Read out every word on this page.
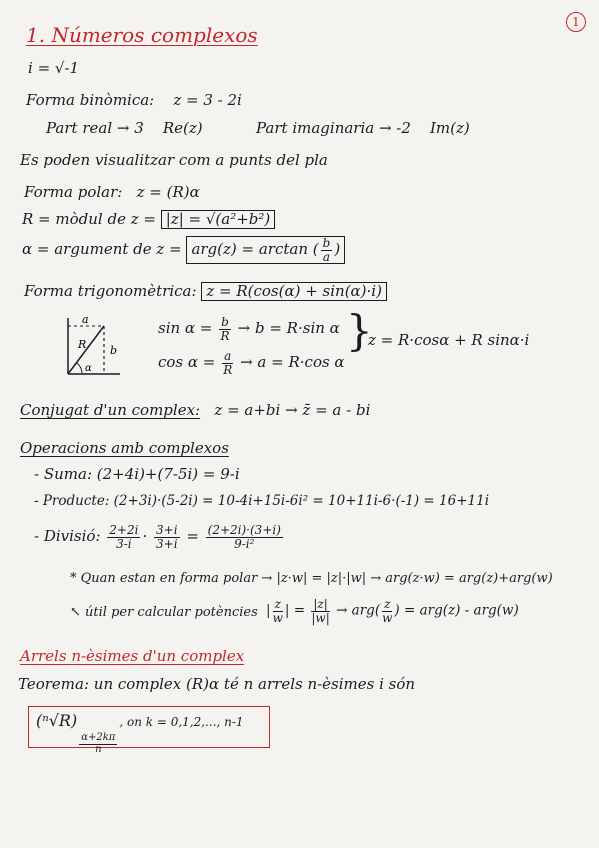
1
1. Números complexos
i = √-1
Forma binòmica: z = 3 - 2i
Part real → 3 Re(z)	Part imaginaria → -2 Im(z)
Es poden visualitzar com a punts del pla
Forma polar: z = (R)α
R = mòdul de z = |z| = √(a²+b²)
α = argument de z = arg(z) = arctan ( $\frac{b}{a}$ )
Forma trigonomètrica: z = R(cos(α) + sin(α)·i)
a
R b
α
$\sin \alpha = \frac{b}{R} \to b = R\cdot\sin$ α
$\cos \alpha = \frac{a}{R} \to a = R\cdot\cos$ α
}
z = R·cosα + R sinα·i
Conjugat d'un complex: z = a+bi → z̄ = a - bi
Operacions amb complexos
- Suma: (2+4i)+(7-5i) = 9-i
- Producte: (2+3i)·(5-2i) = 10-4i+15i-6i² = 10+11i-6·(-1) = 16+11i
- Divisió: $\frac{2+2i}{3-i} \cdot \frac{3+i}{3+i} = \frac{(2+2i)\cdot(3+i)}{\text{9-i²}}$
* Quan estan en forma polar → |z·w| = |z|·|w| → arg(z·w) = arg(z)+arg(w)
↖ útil per calcular potències | $\frac{z}{w}$ | = $\frac{|z|}{|w|} \to arg( \frac{z}{w}$ ) = arg(z) - arg(w)
Arrels n-èsimes d'un complex
Teorema: un complex (R)α té n arrels n-èsimes i són
(ⁿ√R)
$\frac{\alpha+2k\pi}{n}$
, on k = 0,1,2,..., n-1
